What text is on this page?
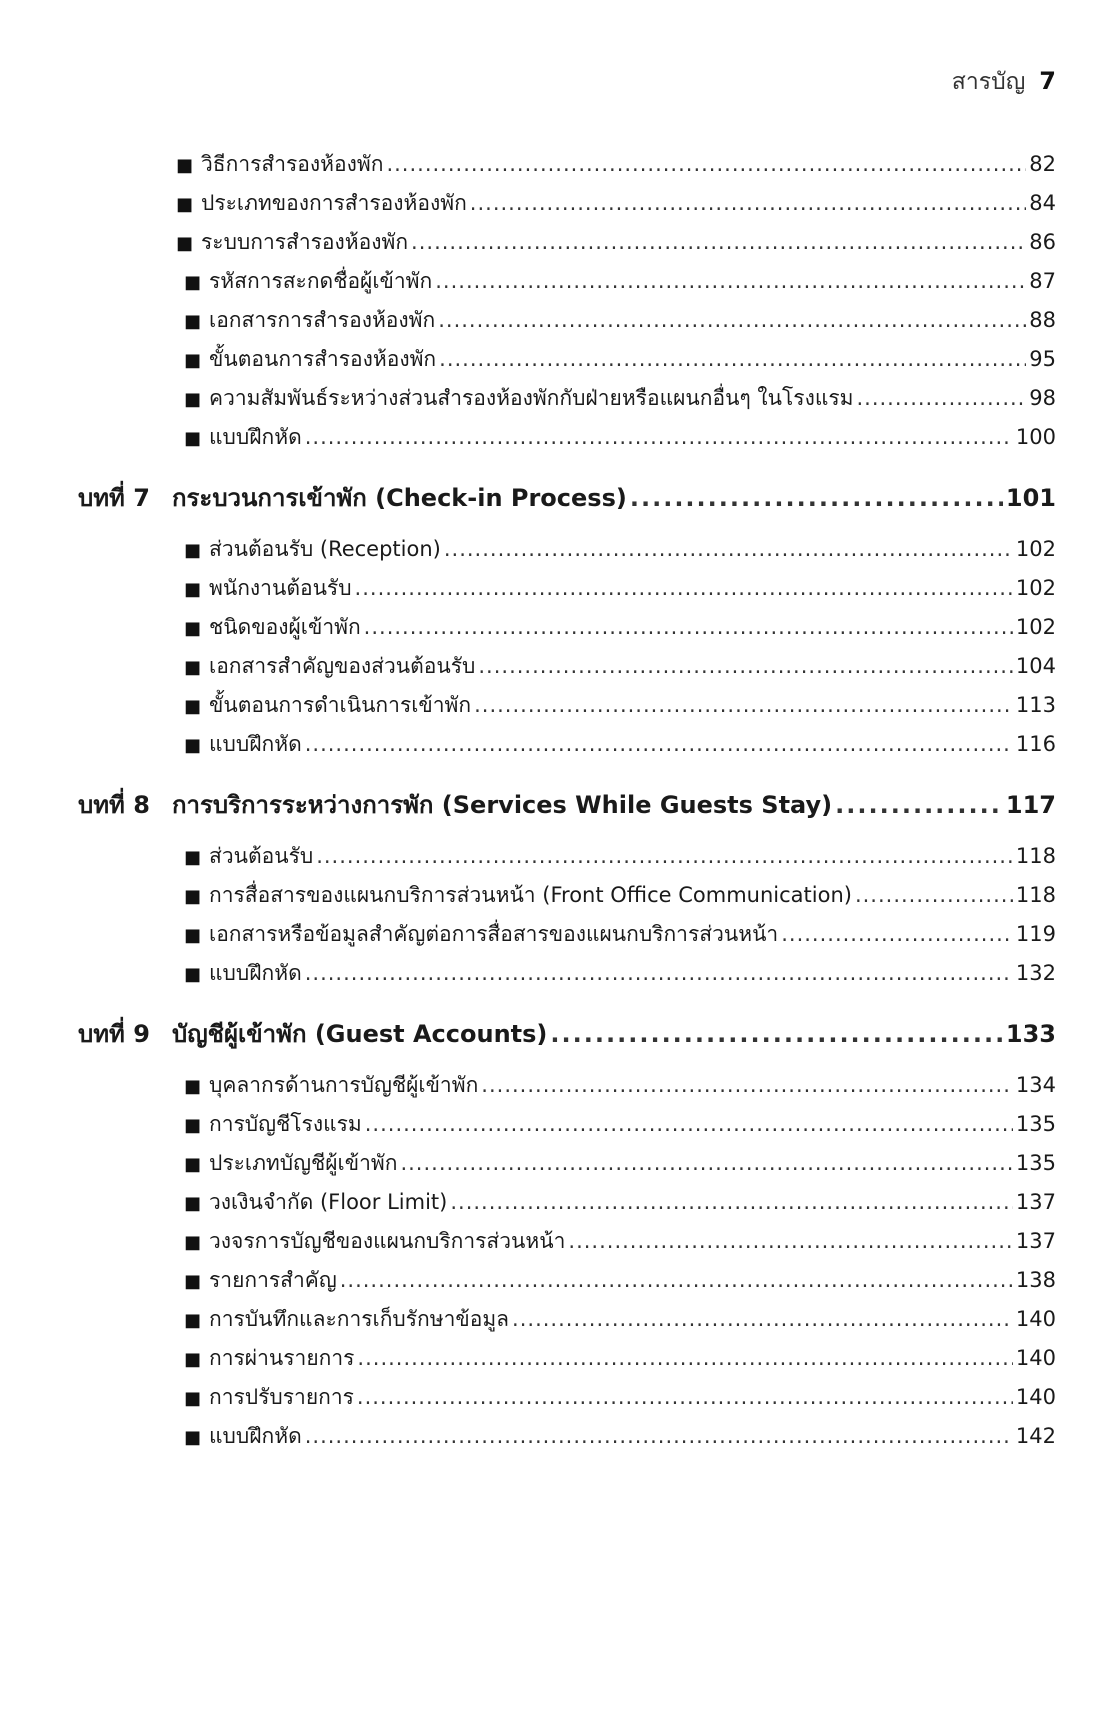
สารบัญ 7
■ วิธีการสำรองห้องพัก .....	82
■ ประเภทของการสำรองห้องพัก .....	84
■ ระบบการสำรองห้องพัก .....	86
■ รหัสการสะกดชื่อผู้เข้าพัก .....	87
■ เอกสารการสำรองห้องพัก .....	88
■ ขั้นตอนการสำรองห้องพัก .....	95
■ ความสัมพันธ์ระหว่างส่วนสำรองห้องพักกับฝ่ายหรือแผนกอื่นๆ ในโรงแรม .....	98
■ แบบฝึกหัด .....	100
บทที่ 7 กระบวนการเข้าพัก (Check-in Process) .....	101
■ ส่วนต้อนรับ (Reception) .....	102
■ พนักงานต้อนรับ .....	102
■ ชนิดของผู้เข้าพัก .....	102
■ เอกสารสำคัญของส่วนต้อนรับ .....	104
■ ขั้นตอนการดำเนินการเข้าพัก .....	113
■ แบบฝึกหัด .....	116
บทที่ 8 การบริการระหว่างการพัก (Services While Guests Stay) .....	117
■ ส่วนต้อนรับ .....	118
■ การสื่อสารของแผนกบริการส่วนหน้า (Front Office Communication) .....	118
■ เอกสารหรือข้อมูลสำคัญต่อการสื่อสารของแผนกบริการส่วนหน้า .....	119
■ แบบฝึกหัด .....	132
บทที่ 9 บัญชีผู้เข้าพัก (Guest Accounts) .....	133
■ บุคลากรด้านการบัญชีผู้เข้าพัก .....	134
■ การบัญชีโรงแรม .....	135
■ ประเภทบัญชีผู้เข้าพัก .....	135
■ วงเงินจำกัด (Floor Limit) .....	137
■ วงจรการบัญชีของแผนกบริการส่วนหน้า .....	137
■ รายการสำคัญ .....	138
■ การบันทึกและการเก็บรักษาข้อมูล .....	140
■ การผ่านรายการ .....	140
■ การปรับรายการ .....	140
■ แบบฝึกหัด .....	142
